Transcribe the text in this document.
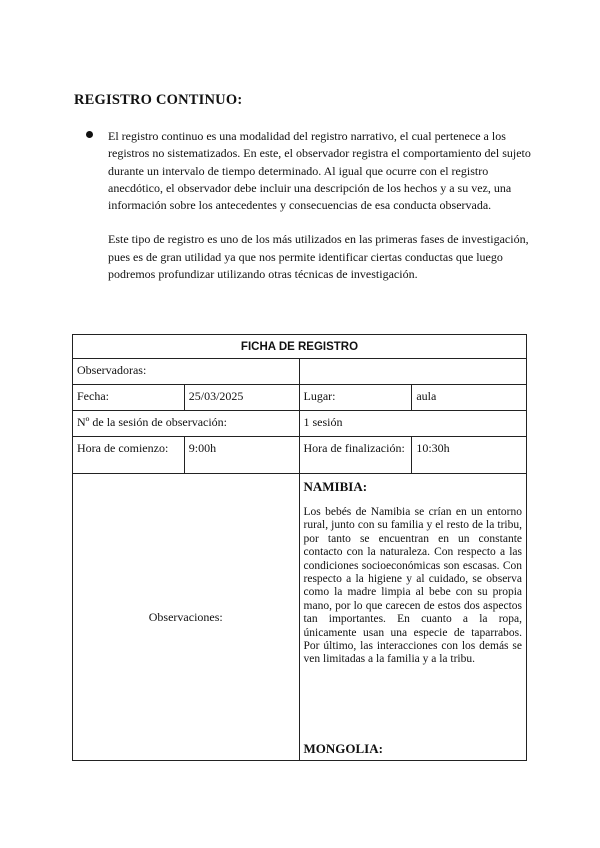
REGISTRO CONTINUO:

El registro continuo es una modalidad del registro narrativo, el cual pertenece a los registros no sistematizados. En este, el observador registra el comportamiento del sujeto durante un intervalo de tiempo determinado. Al igual que ocurre con el registro anecdótico, el observador debe incluir una descripción de los hechos y a su vez, una información sobre los antecedentes y consecuencias de esa conducta observada.

Este tipo de registro es uno de los más utilizados en las primeras fases de investigación, pues es de gran utilidad ya que nos permite identificar ciertas conductas que luego podremos profundizar utilizando otras técnicas de investigación.

FICHA DE REGISTRO			
Observadoras:			
Fecha:	25/03/2025	Lugar:	aula
Nº de la sesión de observación:		1 sesión	
Hora de comienzo:	9:00h	Hora de finalización:	10:30h
Observaciones:		NAMIBIA:

Los bebés de Namibia se crían en un entorno rural, junto con su familia y el resto de la tribu, por tanto se encuentran en un constante contacto con la naturaleza. Con respecto a las condiciones socioeconómicas son escasas. Con respecto a la higiene y al cuidado, se observa como la madre limpia al bebe con su propia mano, por lo que carecen de estos dos aspectos tan importantes. En cuanto a la ropa, únicamente usan una especie de taparrabos. Por último, las interacciones con los demás se ven limitadas a la familia y a la tribu.

MONGOLIA:	
